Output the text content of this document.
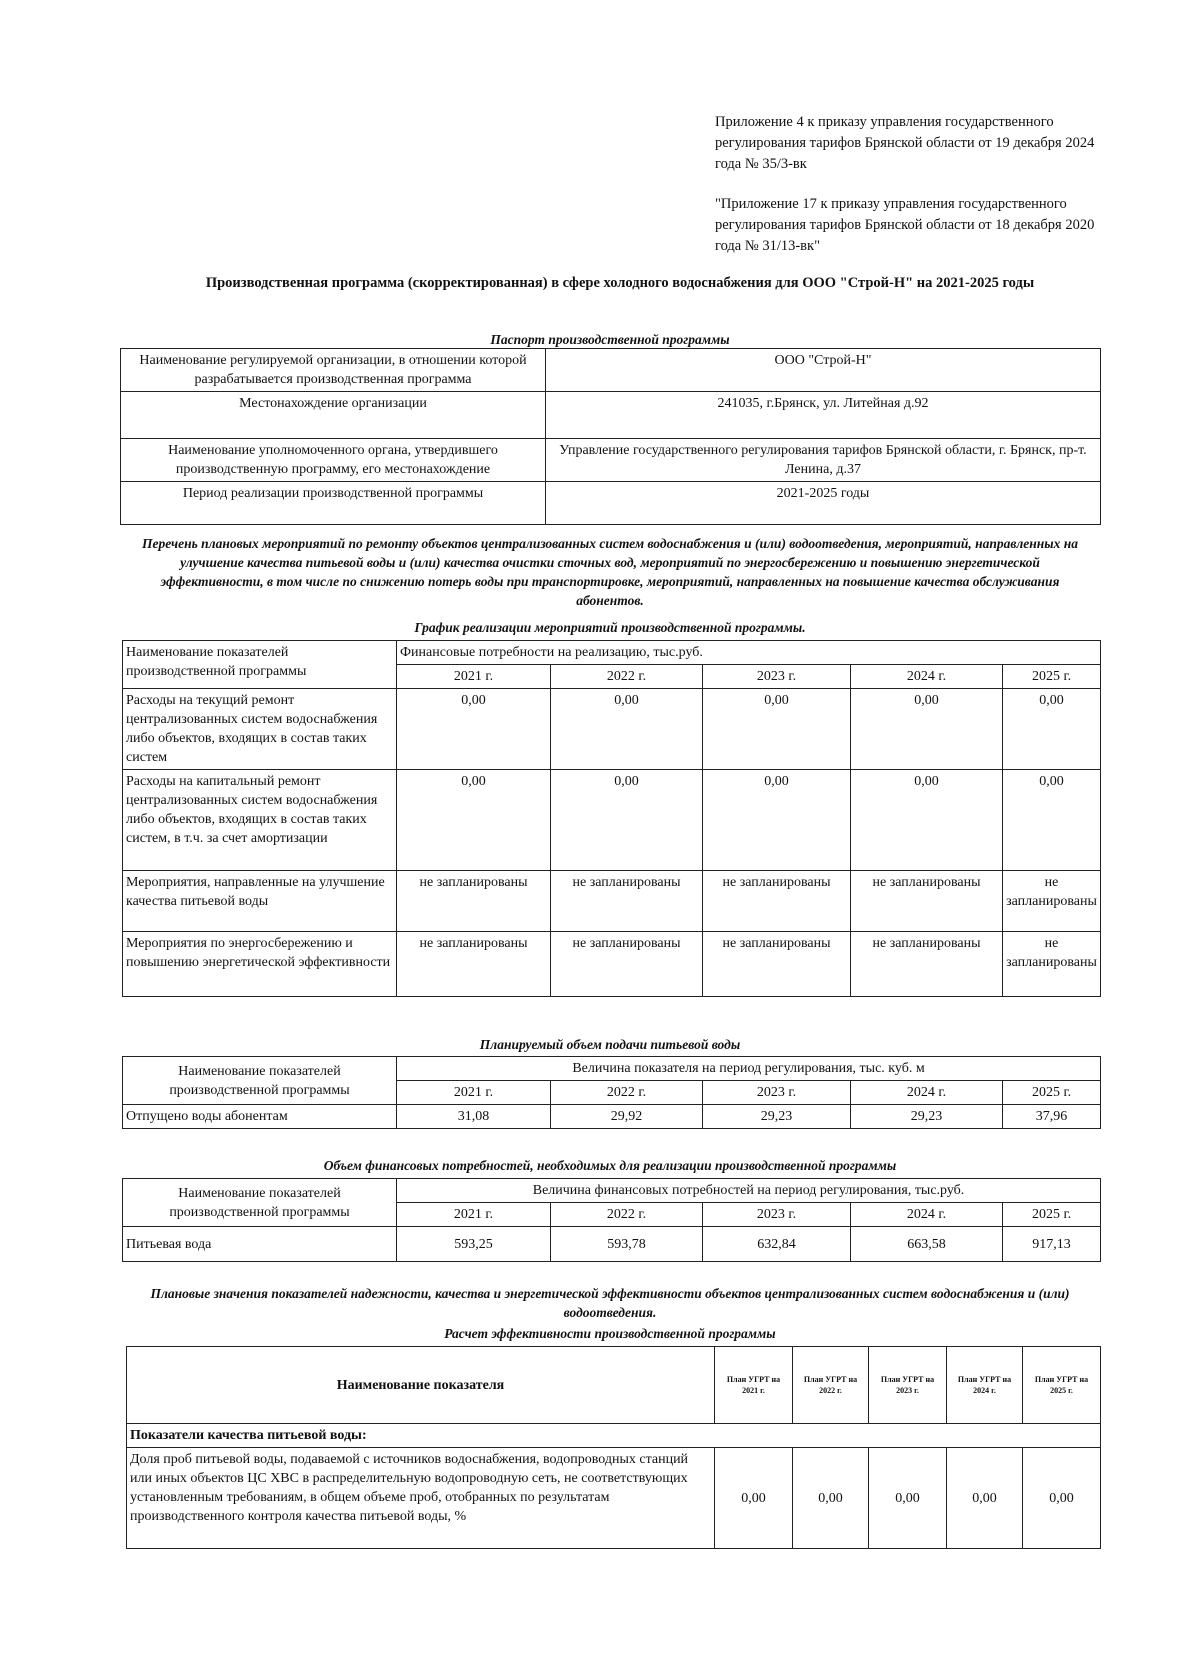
Приложение 4 к приказу управления государственного регулирования тарифов Брянской области от 19 декабря 2024 года № 35/3-вк
"Приложение 17 к приказу управления государственного регулирования тарифов Брянской области от 18 декабря 2020 года № 31/13-вк"
Производственная программа (скорректированная) в сфере холодного водоснабжения для ООО "Строй-Н" на 2021-2025 годы
Паспорт производственной программы
Наименование регулируемой организации, в отношении которой разрабатывается производственная программа	ООО "Строй-Н"
Местонахождение организации	241035, г.Брянск, ул. Литейная д.92
Наименование уполномоченного органа, утвердившего производственную программу, его местонахождение	Управление государственного регулирования тарифов Брянской области, г. Брянск, пр-т. Ленина, д.37
Период реализации производственной программы	2021-2025 годы
Перечень плановых мероприятий по ремонту объектов централизованных систем водоснабжения и (или) водоотведения, мероприятий, направленных на улучшение качества питьевой воды и (или) качества очистки сточных вод, мероприятий по энергосбережению и повышению энергетической эффективности, в том числе по снижению потерь воды при транспортировке, мероприятий, направленных на повышение качества обслуживания абонентов.
График реализации мероприятий производственной программы.
Наименование показателей производственной программы	Финансовые потребности на реализацию, тыс.руб.				
	2021 г.	2022 г.	2023 г.	2024 г.	2025 г.
Расходы на текущий ремонт централизованных систем водоснабжения либо объектов, входящих в состав таких систем	0,00	0,00	0,00	0,00	0,00
Расходы на капитальный ремонт централизованных систем водоснабжения либо объектов, входящих в состав таких систем, в т.ч. за счет амортизации	0,00	0,00	0,00	0,00	0,00
Мероприятия, направленные на улучшение качества питьевой воды	не запланированы	не запланированы	не запланированы	не запланированы	не запланированы
Мероприятия по энергосбережению и повышению энергетической эффективности	не запланированы	не запланированы	не запланированы	не запланированы	не запланированы
Планируемый объем подачи питьевой воды
Наименование показателей производственной программы	Величина показателя на период регулирования, тыс. куб. м				
	2021 г.	2022 г.	2023 г.	2024 г.	2025 г.
Отпущено воды абонентам	31,08	29,92	29,23	29,23	37,96
Объем финансовых потребностей, необходимых для реализации производственной программы
Наименование показателей производственной программы	Величина финансовых потребностей на период регулирования, тыс.руб.				
	2021 г.	2022 г.	2023 г.	2024 г.	2025 г.
Питьевая вода	593,25	593,78	632,84	663,58	917,13
Плановые значения показателей надежности, качества и энергетической эффективности объектов централизованных систем водоснабжения и (или) водоотведения.
Расчет эффективности производственной программы
Наименование показателя	План УГРТ на 2021 г.	План УГРТ на 2022 г.	План УГРТ на 2023 г.	План УГРТ на 2024 г.	План УГРТ на 2025 г.
Показатели качества питьевой воды:					
Доля проб питьевой воды, подаваемой с источников водоснабжения, водопроводных станций или иных объектов ЦС ХВС в распределительную водопроводную сеть, не соответствующих установленным требованиям, в общем объеме проб, отобранных по результатам производственного контроля качества питьевой воды, %	0,00	0,00	0,00	0,00	0,00
